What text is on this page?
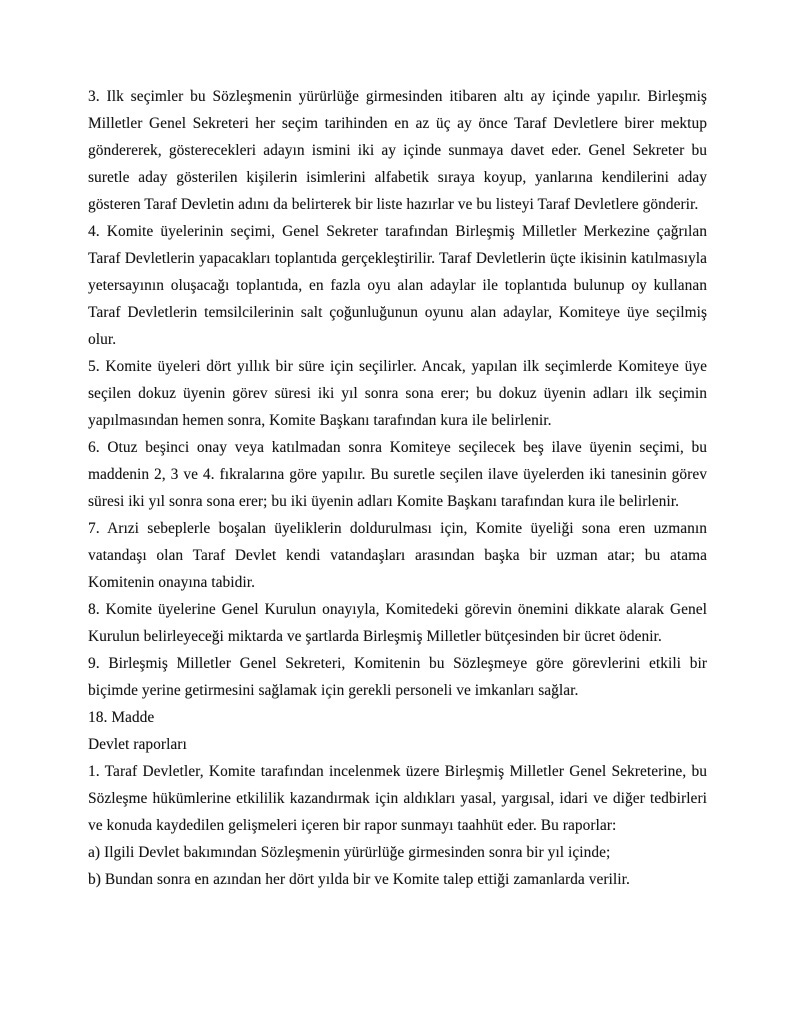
3. Ilk seçimler bu Sözleşmenin yürürlüğe girmesinden itibaren altı ay içinde yapılır. Birleşmiş Milletler Genel Sekreteri her seçim tarihinden en az üç ay önce Taraf Devletlere birer mektup göndererek, gösterecekleri adayın ismini iki ay içinde sunmaya davet eder. Genel Sekreter bu suretle aday gösterilen kişilerin isimlerini alfabetik sıraya koyup, yanlarına kendilerini aday gösteren Taraf Devletin adını da belirterek bir liste hazırlar ve bu listeyi Taraf Devletlere gönderir.

4. Komite üyelerinin seçimi, Genel Sekreter tarafından Birleşmiş Milletler Merkezine çağrılan Taraf Devletlerin yapacakları toplantıda gerçekleştirilir. Taraf Devletlerin üçte ikisinin katılmasıyla yetersayının oluşacağı toplantıda, en fazla oyu alan adaylar ile toplantıda bulunup oy kullanan Taraf Devletlerin temsilcilerinin salt çoğunluğunun oyunu alan adaylar, Komiteye üye seçilmiş olur.

5. Komite üyeleri dört yıllık bir süre için seçilirler. Ancak, yapılan ilk seçimlerde Komiteye üye seçilen dokuz üyenin görev süresi iki yıl sonra sona erer; bu dokuz üyenin adları ilk seçimin yapılmasından hemen sonra, Komite Başkanı tarafından kura ile belirlenir.

6. Otuz beşinci onay veya katılmadan sonra Komiteye seçilecek beş ilave üyenin seçimi, bu maddenin 2, 3 ve 4. fıkralarına göre yapılır. Bu suretle seçilen ilave üyelerden iki tanesinin görev süresi iki yıl sonra sona erer; bu iki üyenin adları Komite Başkanı tarafından kura ile belirlenir.

7. Arızi sebeplerle boşalan üyeliklerin doldurulması için, Komite üyeliği sona eren uzmanın vatandaşı olan Taraf Devlet kendi vatandaşları arasından başka bir uzman atar; bu atama Komitenin onayına tabidir.

8. Komite üyelerine Genel Kurulun onayıyla, Komitedeki görevin önemini dikkate alarak Genel Kurulun belirleyeceği miktarda ve şartlarda Birleşmiş Milletler bütçesinden bir ücret ödenir.

9. Birleşmiş Milletler Genel Sekreteri, Komitenin bu Sözleşmeye göre görevlerini etkili bir biçimde yerine getirmesini sağlamak için gerekli personeli ve imkanları sağlar.

18. Madde

Devlet raporları

1. Taraf Devletler, Komite tarafından incelenmek üzere Birleşmiş Milletler Genel Sekreterine, bu Sözleşme hükümlerine etkililik kazandırmak için aldıkları yasal, yargısal, idari ve diğer tedbirleri ve konuda kaydedilen gelişmeleri içeren bir rapor sunmayı taahhüt eder. Bu raporlar:

a) Ilgili Devlet bakımından Sözleşmenin yürürlüğe girmesinden sonra bir yıl içinde;

b) Bundan sonra en azından her dört yılda bir ve Komite talep ettiği zamanlarda verilir.
